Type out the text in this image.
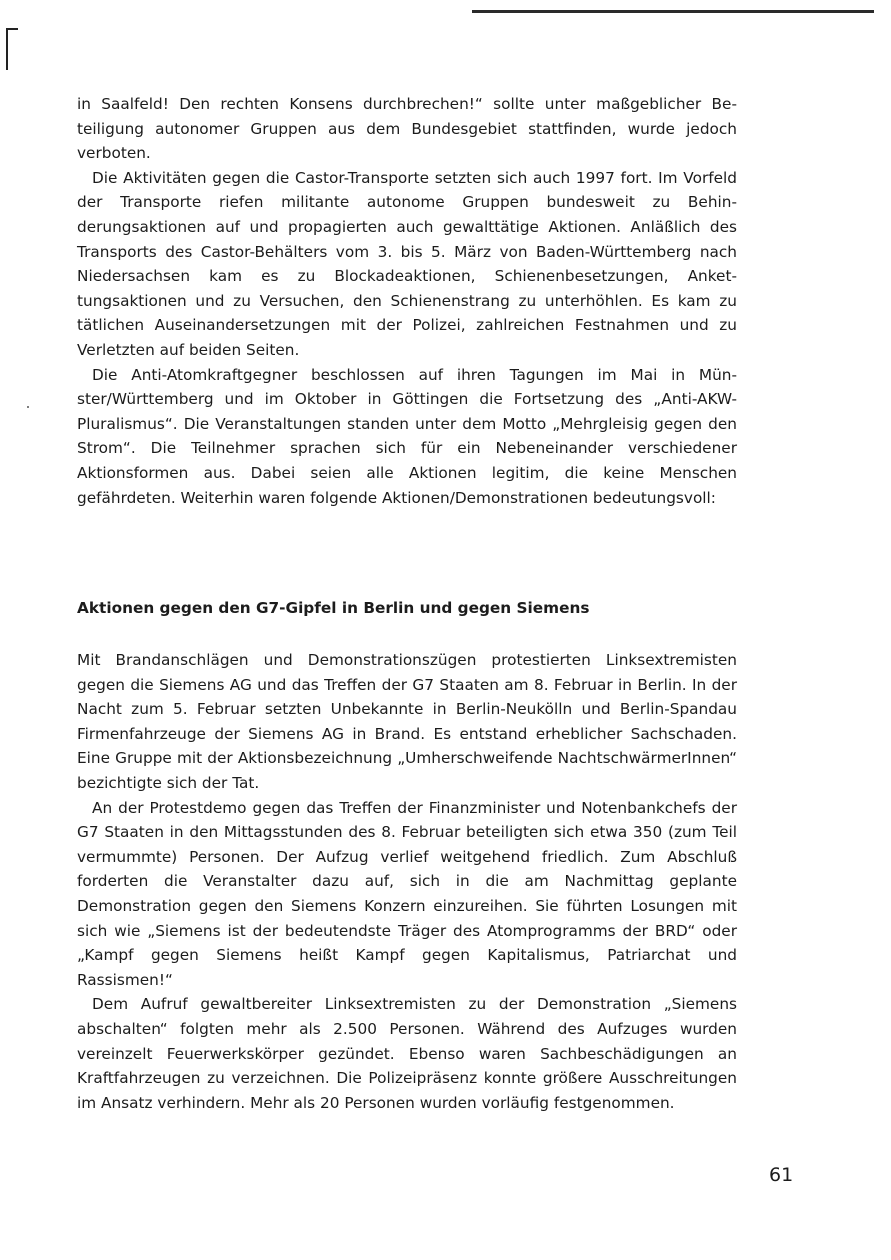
in Saalfeld! Den rechten Konsens durchbrechen!“ sollte unter maßgeblicher Beteiligung autonomer Gruppen aus dem Bundesgebiet stattfinden, wurde jedoch verboten.

Die Aktivitäten gegen die Castor-Transporte setzten sich auch 1997 fort. Im Vorfeld der Transporte riefen militante autonome Gruppen bundesweit zu Behinderungsaktionen auf und propagierten auch gewalttätige Aktionen. Anläßlich des Transports des Castor-Behälters vom 3. bis 5. März von Baden-Württemberg nach Niedersachsen kam es zu Blockadeaktionen, Schienenbesetzungen, Ankettungsaktionen und zu Versuchen, den Schienenstrang zu unterhöhlen. Es kam zu tätlichen Auseinandersetzungen mit der Polizei, zahlreichen Festnahmen und zu Verletzten auf beiden Seiten.

Die Anti-Atomkraftgegner beschlossen auf ihren Tagungen im Mai in Münster/Württemberg und im Oktober in Göttingen die Fortsetzung des „Anti-AKW-Pluralismus“. Die Veranstaltungen standen unter dem Motto „Mehrgleisig gegen den Strom“. Die Teilnehmer sprachen sich für ein Nebeneinander verschiedener Aktionsformen aus. Dabei seien alle Aktionen legitim, die keine Menschen gefährdeten. Weiterhin waren folgende Aktionen/Demonstrationen bedeutungsvoll:

Aktionen gegen den G7-Gipfel in Berlin und gegen Siemens

Mit Brandanschlägen und Demonstrationszügen protestierten Linksextremisten gegen die Siemens AG und das Treffen der G7 Staaten am 8. Februar in Berlin. In der Nacht zum 5. Februar setzten Unbekannte in Berlin-Neukölln und Berlin-Spandau Firmenfahrzeuge der Siemens AG in Brand. Es entstand erheblicher Sachschaden. Eine Gruppe mit der Aktionsbezeichnung „Umherschweifende NachtschwärmerInnen“ bezichtigte sich der Tat.

An der Protestdemo gegen das Treffen der Finanzminister und Notenbankchefs der G7 Staaten in den Mittagsstunden des 8. Februar beteiligten sich etwa 350 (zum Teil vermummte) Personen. Der Aufzug verlief weitgehend friedlich. Zum Abschluß forderten die Veranstalter dazu auf, sich in die am Nachmittag geplante Demonstration gegen den Siemens Konzern einzureihen. Sie führten Losungen mit sich wie „Siemens ist der bedeutendste Träger des Atomprogramms der BRD“ oder „Kampf gegen Siemens heißt Kampf gegen Kapitalismus, Patriarchat und Rassismen!“

Dem Aufruf gewaltbereiter Linksextremisten zu der Demonstration „Siemens abschalten“ folgten mehr als 2.500 Personen. Während des Aufzuges wurden vereinzelt Feuerwerkskörper gezündet. Ebenso waren Sachbeschädigungen an Kraftfahrzeugen zu verzeichnen. Die Polizeipräsenz konnte größere Ausschreitungen im Ansatz verhindern. Mehr als 20 Personen wurden vorläufig festgenommen.

61
